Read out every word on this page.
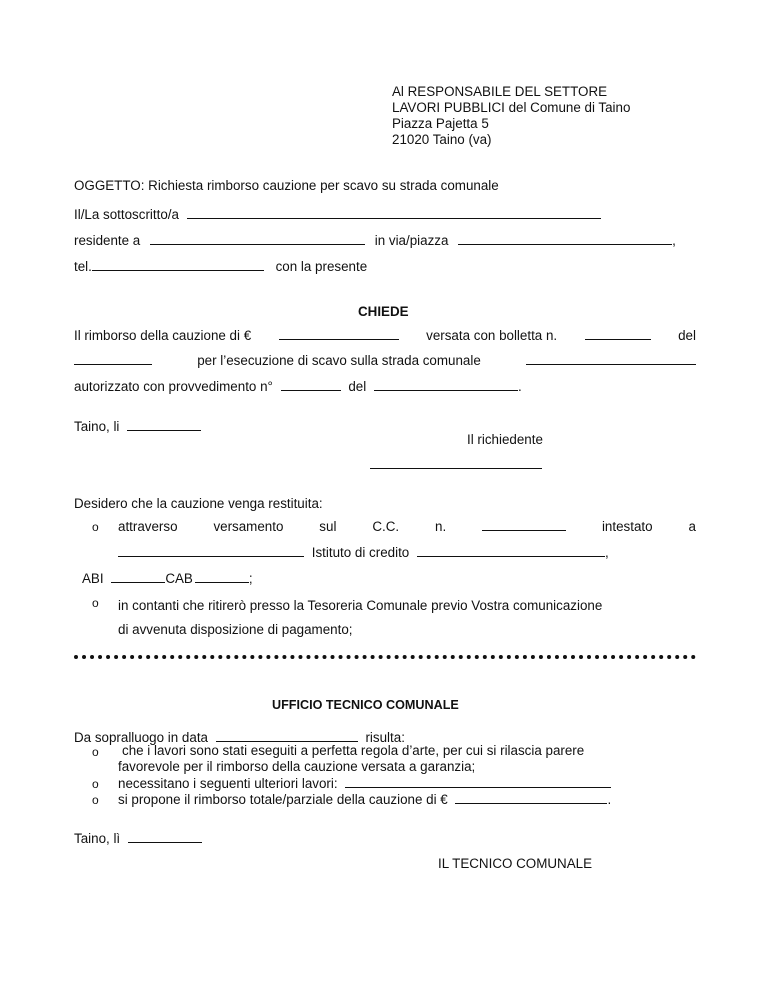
Al RESPONSABILE DEL SETTORE
LAVORI PUBBLICI del Comune di Taino
Piazza Pajetta 5
21020 Taino (va)
OGGETTO: Richiesta rimborso cauzione per scavo su strada comunale
Il/La sottoscritto/a
residente a	in via/piazza	,
tel.	con la presente
CHIEDE
Il rimborso della cauzione di €	versata con bolletta n.	del
per l’esecuzione di scavo sulla strada comunale
autorizzato con provvedimento n°	del	.
Taino, li
Il richiedente
Desidero che la cauzione venga restituita:
o attraverso	versamento	sul	C.C.	n.	intestato	a
Istituto di credito	,
ABI	CAB	;
o in contanti che ritirerò presso la Tesoreria Comunale previo Vostra comunicazione
di avvenuta disposizione di pagamento;
UFFICIO TECNICO COMUNALE
Da sopralluogo in data	risulta:
o che i lavori sono stati eseguiti a perfetta regola d’arte, per cui si rilascia parere
favorevole per il rimborso della cauzione versata a garanzia;
o necessitano i seguenti ulteriori lavori:
o si propone il rimborso totale/parziale della cauzione di €	.
Taino, lì
IL TECNICO COMUNALE
